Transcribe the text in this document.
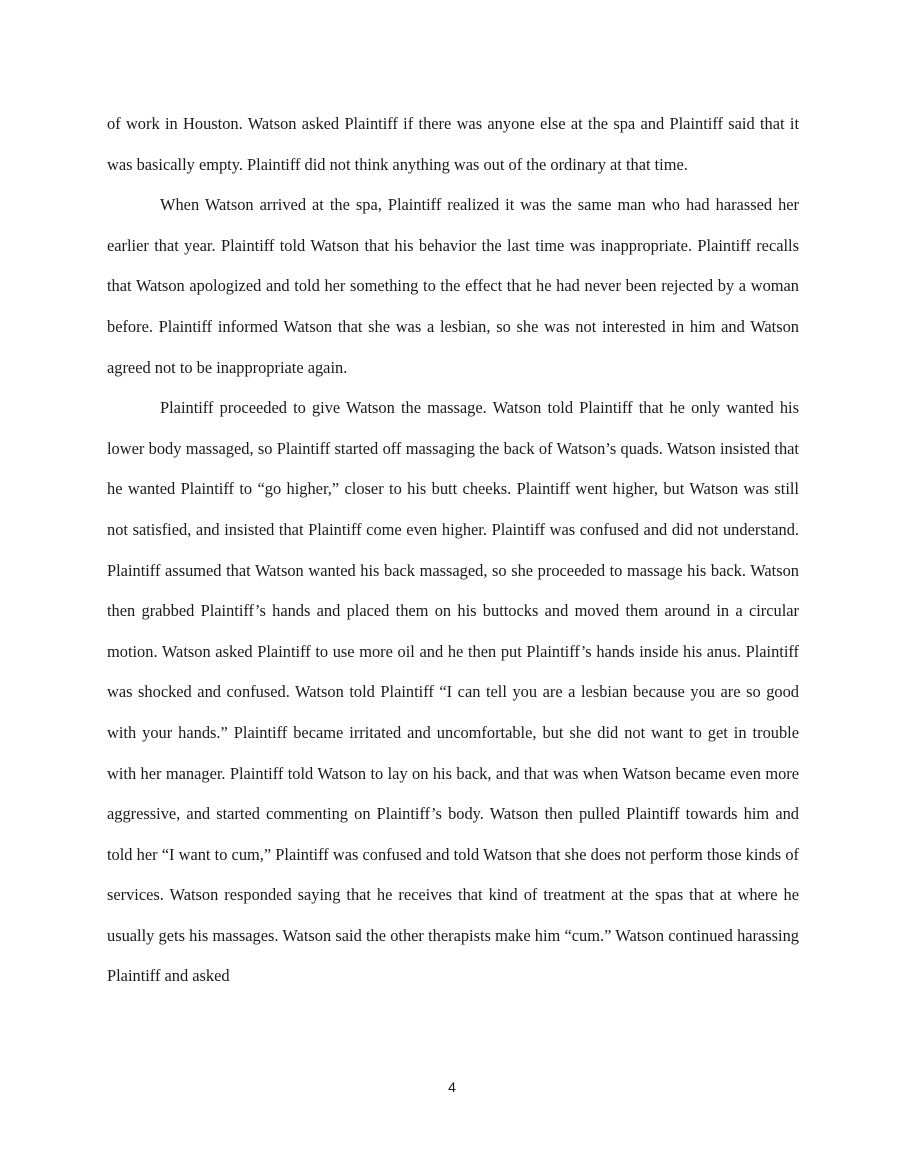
of work in Houston. Watson asked Plaintiff if there was anyone else at the spa and Plaintiff said that it was basically empty. Plaintiff did not think anything was out of the ordinary at that time.

When Watson arrived at the spa, Plaintiff realized it was the same man who had harassed her earlier that year. Plaintiff told Watson that his behavior the last time was inappropriate. Plaintiff recalls that Watson apologized and told her something to the effect that he had never been rejected by a woman before. Plaintiff informed Watson that she was a lesbian, so she was not interested in him and Watson agreed not to be inappropriate again.

Plaintiff proceeded to give Watson the massage. Watson told Plaintiff that he only wanted his lower body massaged, so Plaintiff started off massaging the back of Watson’s quads. Watson insisted that he wanted Plaintiff to “go higher,” closer to his butt cheeks. Plaintiff went higher, but Watson was still not satisfied, and insisted that Plaintiff come even higher. Plaintiff was confused and did not understand. Plaintiff assumed that Watson wanted his back massaged, so she proceeded to massage his back. Watson then grabbed Plaintiff’s hands and placed them on his buttocks and moved them around in a circular motion. Watson asked Plaintiff to use more oil and he then put Plaintiff’s hands inside his anus. Plaintiff was shocked and confused. Watson told Plaintiff “I can tell you are a lesbian because you are so good with your hands.” Plaintiff became irritated and uncomfortable, but she did not want to get in trouble with her manager. Plaintiff told Watson to lay on his back, and that was when Watson became even more aggressive, and started commenting on Plaintiff’s body. Watson then pulled Plaintiff towards him and told her “I want to cum,” Plaintiff was confused and told Watson that she does not perform those kinds of services. Watson responded saying that he receives that kind of treatment at the spas that at where he usually gets his massages. Watson said the other therapists make him “cum.” Watson continued harassing Plaintiff and asked

4
